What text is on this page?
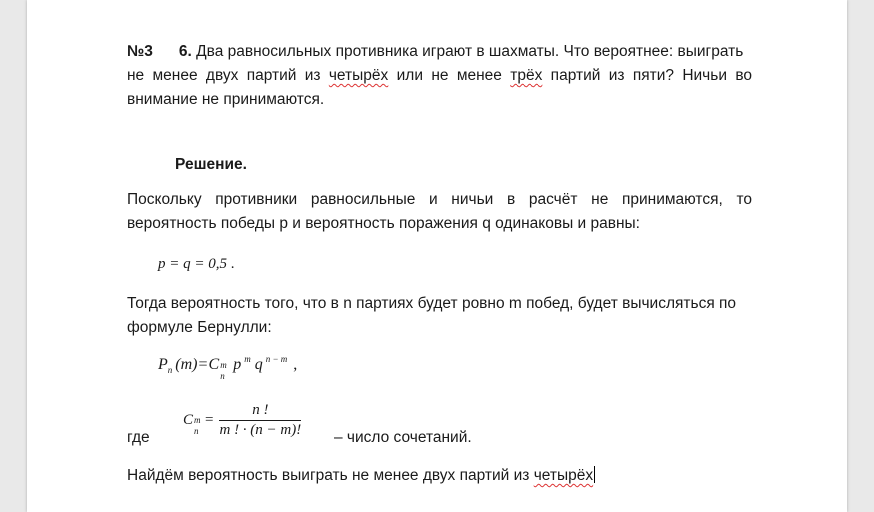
№3 6. Два равносильных противника играют в шахматы. Что вероятнее: выиграть
не менее двух партий из четырёх или не менее трёх партий из пяти? Ничьи во
внимание не принимаются.
Решение.
Поскольку противники равносильные и ничьи в расчёт не принимаются, то
вероятность победы p и вероятность поражения q одинаковы и равны:
p = q = 0,5 .
Тогда вероятность того, что в n партиях будет ровно m побед, будет вычисляться по
формуле Бернулли:
$P_n$ (m)=C m
n
p $^m$ q $^{n - m}$ ,
где
C m
n
= $\frac{n !}{m ! \cdot (n - m)!}$ – число сочетаний.
Найдём вероятность выиграть не менее двух партий из четырёх
